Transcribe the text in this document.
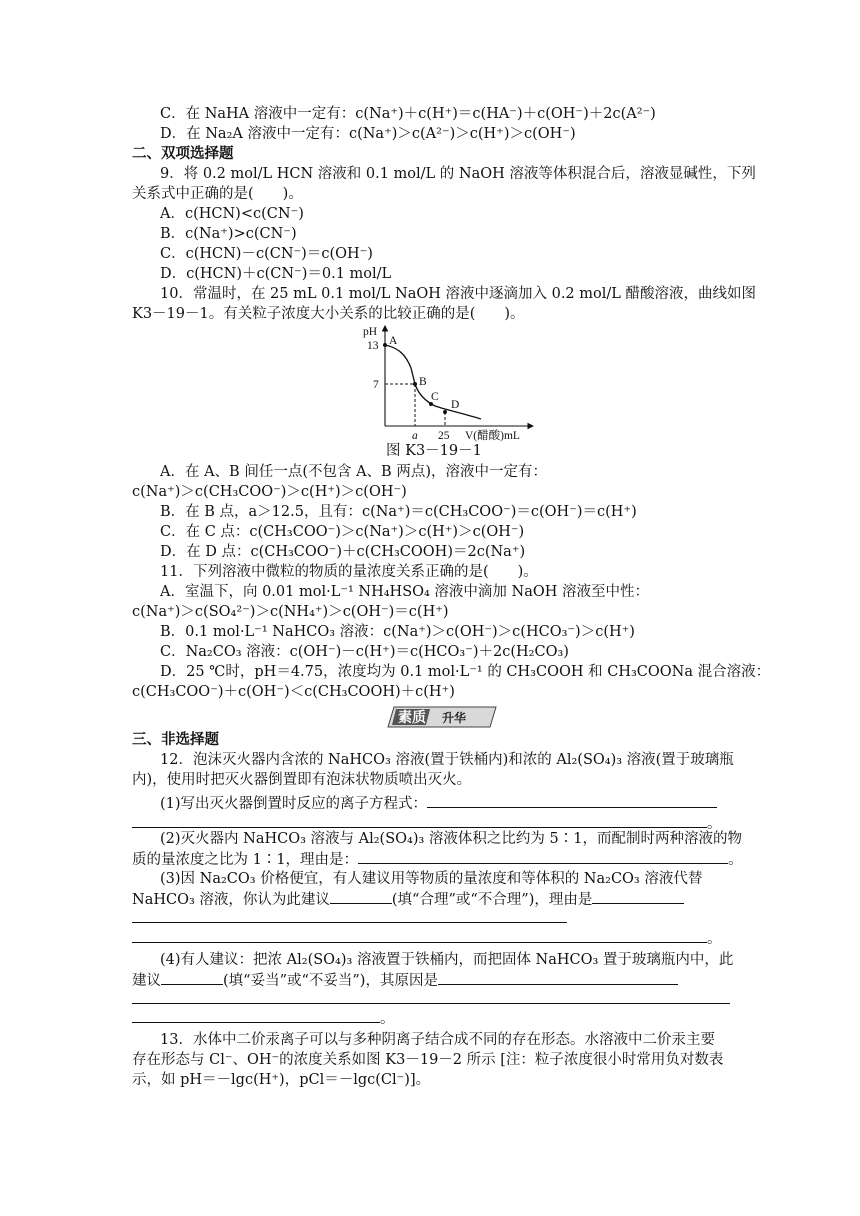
C．在 NaHA 溶液中一定有：c(Na⁺)＋c(H⁺)＝c(HA⁻)＋c(OH⁻)＋2c(A²⁻)
D．在 Na₂A 溶液中一定有：c(Na⁺)＞c(A²⁻)＞c(H⁺)＞c(OH⁻)
二、双项选择题
9．将 0.2 mol/L HCN 溶液和 0.1 mol/L 的 NaOH 溶液等体积混合后，溶液显碱性，下列
关系式中正确的是(　　)。
A．c(HCN)<c(CN⁻)
B．c(Na⁺)>c(CN⁻)
C．c(HCN)－c(CN⁻)＝c(OH⁻)
D．c(HCN)＋c(CN⁻)＝0.1 mol/L
10．常温时，在 25 mL 0.1 mol/L NaOH 溶液中逐滴加入 0.2 mol/L 醋酸溶液，曲线如图
K3－19－1。有关粒子浓度大小关系的比较正确的是(　　)。
pH
13
7
A
B
C
D
a 25 V(醋酸)mL
图 K3－19－1
A．在 A、B 间任一点(不包含 A、B 两点)，溶液中一定有：
c(Na⁺)＞c(CH₃COO⁻)＞c(H⁺)＞c(OH⁻)
B．在 B 点，a＞12.5，且有：c(Na⁺)＝c(CH₃COO⁻)＝c(OH⁻)＝c(H⁺)
C．在 C 点：c(CH₃COO⁻)＞c(Na⁺)＞c(H⁺)＞c(OH⁻)
D．在 D 点：c(CH₃COO⁻)＋c(CH₃COOH)＝2c(Na⁺)
11．下列溶液中微粒的物质的量浓度关系正确的是(　　)。
A．室温下，向 0.01 mol·L⁻¹ NH₄HSO₄ 溶液中滴加 NaOH 溶液至中性：
c(Na⁺)＞c(SO₄²⁻)＞c(NH₄⁺)＞c(OH⁻)＝c(H⁺)
B．0.1 mol·L⁻¹ NaHCO₃ 溶液：c(Na⁺)＞c(OH⁻)＞c(HCO₃⁻)＞c(H⁺)
C．Na₂CO₃ 溶液：c(OH⁻)－c(H⁺)＝c(HCO₃⁻)＋2c(H₂CO₃)
D．25 ℃时，pH＝4.75，浓度均为 0.1 mol·L⁻¹ 的 CH₃COOH 和 CH₃COONa 混合溶液：
c(CH₃COO⁻)＋c(OH⁻)＜c(CH₃COOH)＋c(H⁺)
素质 升华
三、非选择题
12．泡沫灭火器内含浓的 NaHCO₃ 溶液(置于铁桶内)和浓的 Al₂(SO₄)₃ 溶液(置于玻璃瓶
内)，使用时把灭火器倒置即有泡沫状物质喷出灭火。
(1)写出灭火器倒置时反应的离子方程式：
。
(2)灭火器内 NaHCO₃ 溶液与 Al₂(SO₄)₃ 溶液体积之比约为 5∶1，而配制时两种溶液的物
质的量浓度之比为 1∶1，理由是：	。
(3)因 Na₂CO₃ 价格便宜，有人建议用等物质的量浓度和等体积的 Na₂CO₃ 溶液代替
NaHCO₃ 溶液，你认为此建议	(填“合理”或“不合理”)，理由是
。
(4)有人建议：把浓 Al₂(SO₄)₃ 溶液置于铁桶内，而把固体 NaHCO₃ 置于玻璃瓶内中，此
建议	(填“妥当”或“不妥当”)，其原因是
。
13．水体中二价汞离子可以与多种阴离子结合成不同的存在形态。水溶液中二价汞主要
存在形态与 Cl⁻、OH⁻的浓度关系如图 K3－19－2 所示 [注：粒子浓度很小时常用负对数表
示，如 pH＝－lgc(H⁺)，pCl＝－lgc(Cl⁻)]。
